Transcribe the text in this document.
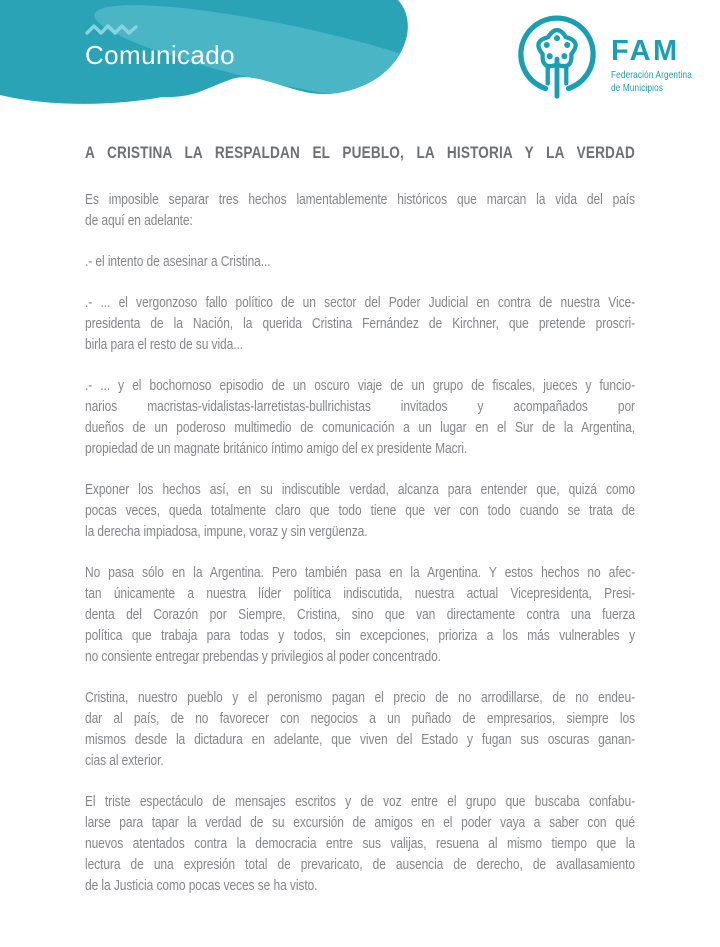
Comunicado	FAM
Federación Argentina
de Municipios
A CRISTINA LA RESPALDAN EL PUEBLO, LA HISTORIA Y LA VERDAD

Es imposible separar tres hechos lamentablemente históricos que marcan la vida del país
de aquí en adelante:

.- el intento de asesinar a Cristina...

.- ... el vergonzoso fallo político de un sector del Poder Judicial en contra de nuestra Vice-
presidenta de la Nación, la querida Cristina Fernández de Kirchner, que pretende proscri-
birla para el resto de su vida...

.- ... y el bochornoso episodio de un oscuro viaje de un grupo de fiscales, jueces y funcio-
narios macristas-vidalistas-larretistas-bullrichistas invitados y acompañados por
dueños de un poderoso multimedio de comunicación a un lugar en el Sur de la Argentina,
propiedad de un magnate británico íntimo amigo del ex presidente Macri.

Exponer los hechos así, en su indiscutible verdad, alcanza para entender que, quizá como
pocas veces, queda totalmente claro que todo tiene que ver con todo cuando se trata de
la derecha impiadosa, impune, voraz y sin vergüenza.

No pasa sólo en la Argentina. Pero también pasa en la Argentina. Y estos hechos no afec-
tan únicamente a nuestra líder política indiscutida, nuestra actual Vicepresidenta, Presi-
denta del Corazón por Siempre, Cristina, sino que van directamente contra una fuerza
política que trabaja para todas y todos, sin excepciones, prioriza a los más vulnerables y
no consiente entregar prebendas y privilegios al poder concentrado.

Cristina, nuestro pueblo y el peronismo pagan el precio de no arrodillarse, de no endeu-
dar al país, de no favorecer con negocios a un puñado de empresarios, siempre los
mismos desde la dictadura en adelante, que viven del Estado y fugan sus oscuras ganan-
cias al exterior.

El triste espectáculo de mensajes escritos y de voz entre el grupo que buscaba confabu-
larse para tapar la verdad de su excursión de amigos en el poder vaya a saber con qué
nuevos atentados contra la democracia entre sus valijas, resuena al mismo tiempo que la
lectura de una expresión total de prevaricato, de ausencia de derecho, de avallasamiento
de la Justicia como pocas veces se ha visto.
